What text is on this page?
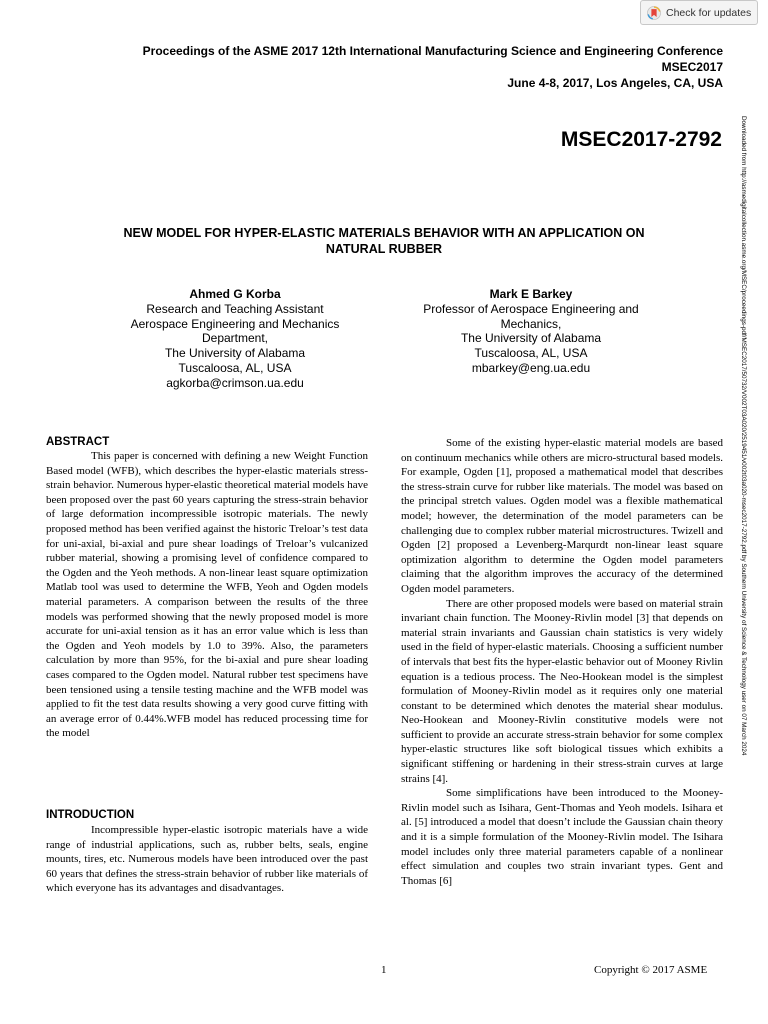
Check for updates
Proceedings of the ASME 2017 12th International Manufacturing Science and Engineering Conference
MSEC2017
June 4-8, 2017, Los Angeles, CA, USA
MSEC2017-2792	Downloaded from http://asmedigitalcollection.asme.org/MSEC/proceedings-pdf/MSEC2017/50732/V002T03A020/2519451/v002t03a020-msec2017-2792.pdf by Southern University of Science & Technology user on 07 March 2024
NEW MODEL FOR HYPER-ELASTIC MATERIALS BEHAVIOR WITH AN APPLICATION ON
NATURAL RUBBER
Ahmed G Korba
Research and Teaching Assistant
Aerospace Engineering and Mechanics
Department,
The University of Alabama
Tuscaloosa, AL, USA
agkorba@crimson.ua.edu
Mark E Barkey
Professor of Aerospace Engineering and
Mechanics,
The University of Alabama
Tuscaloosa, AL, USA
mbarkey@eng.ua.edu
ABSTRACT

This paper is concerned with defining a new Weight Function Based model (WFB), which describes the hyper-elastic materials stress-strain behavior. Numerous hyper-elastic theoretical material models have been proposed over the past 60 years capturing the stress-strain behavior of large deformation incompressible isotropic materials. The newly proposed method has been verified against the historic Treloar’s test data for uni-axial, bi-axial and pure shear loadings of Treloar’s vulcanized rubber material, showing a promising level of confidence compared to the Ogden and the Yeoh methods. A non-linear least square optimization Matlab tool was used to determine the WFB, Yeoh and Ogden models material parameters. A comparison between the results of the three models was performed showing that the newly proposed model is more accurate for uni-axial tension as it has an error value which is less than the Ogden and Yeoh models by 1.0 to 39%. Also, the parameters calculation by more than 95%, for the bi-axial and pure shear loading cases compared to the Ogden model. Natural rubber test specimens have been tensioned using a tensile testing machine and the WFB model was applied to fit the test data results showing a very good curve fitting with an average error of 0.44%.WFB model has reduced processing time for the model

INTRODUCTION

Incompressible hyper-elastic isotropic materials have a wide range of industrial applications, such as, rubber belts, seals, engine mounts, tires, etc. Numerous models have been introduced over the past 60 years that defines the stress-strain behavior of rubber like materials of which everyone has its advantages and disadvantages.

Some of the existing hyper-elastic material models are based on continuum mechanics while others are micro-structural based models. For example, Ogden [1], proposed a mathematical model that describes the stress-strain curve for rubber like materials. The model was based on the principal stretch values. Ogden model was a flexible mathematical model; however, the determination of the model parameters can be challenging due to complex rubber material microstructures. Twizell and Ogden [2] proposed a Levenberg-Marqurdt non-linear least square optimization algorithm to determine the Ogden model parameters claiming that the algorithm improves the accuracy of the determined Ogden model parameters.

There are other proposed models were based on material strain invariant chain function. The Mooney-Rivlin model [3] that depends on material strain invariants and Gaussian chain statistics is very widely used in the field of hyper-elastic materials. Choosing a sufficient number of intervals that best fits the hyper-elastic behavior out of Mooney Rivlin equation is a tedious process. The Neo-Hookean model is the simplest formulation of Mooney-Rivlin model as it requires only one material constant to be determined which denotes the material shear modulus. Neo-Hookean and Mooney-Rivlin constitutive models were not sufficient to provide an accurate stress-strain behavior for some complex hyper-elastic structures like soft biological tissues which exhibits a significant stiffening or hardening in their stress-strain curves at large strains [4].

Some simplifications have been introduced to the Mooney-Rivlin model such as Isihara, Gent-Thomas and Yeoh models. Isihara et al. [5] introduced a model that doesn’t include the Gaussian chain theory and it is a simple formulation of the Mooney-Rivlin model. The Isihara model includes only three material parameters capable of a nonlinear effect simulation and couples two strain invariant types. Gent and Thomas [6]

1	Copyright © 2017 ASME
